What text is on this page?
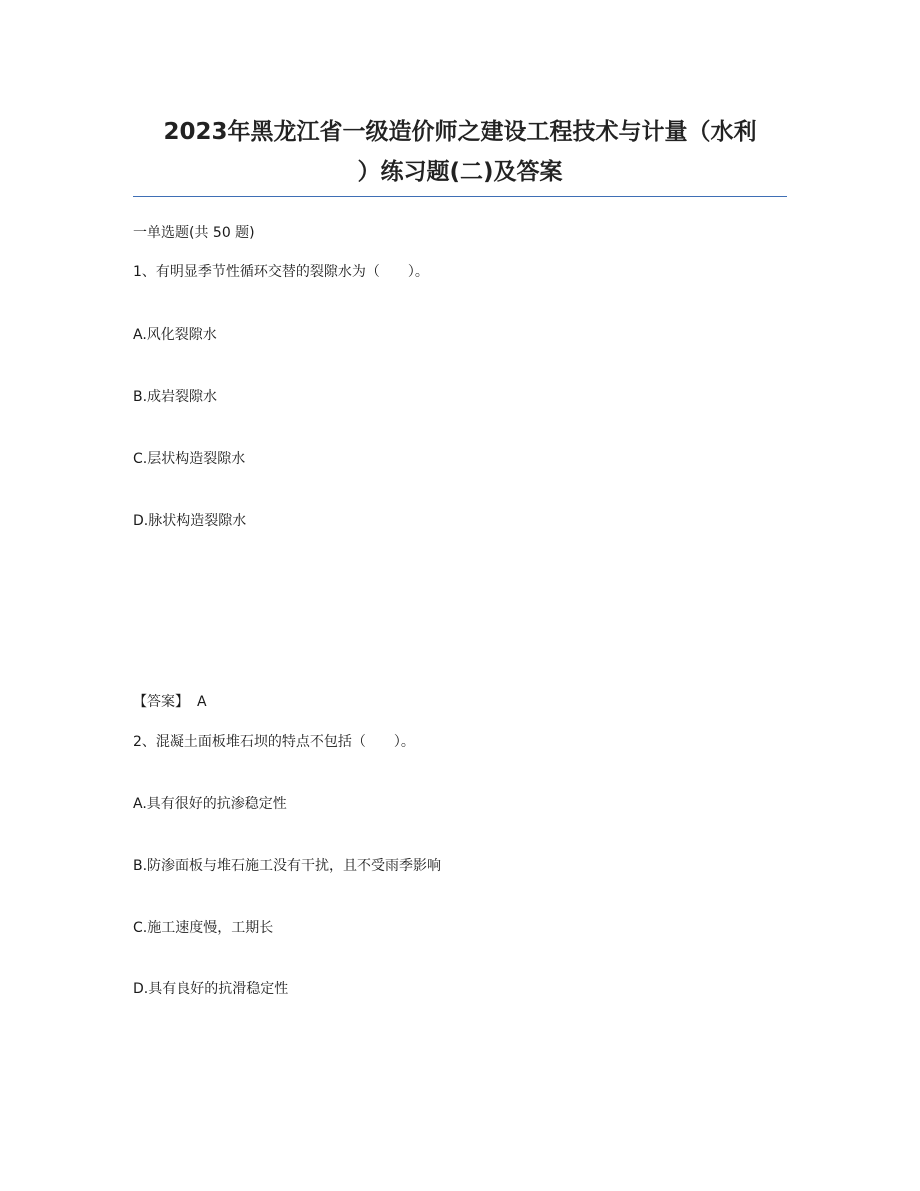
2023年黑龙江省一级造价师之建设工程技术与计量（水利
）练习题(二)及答案
一单选题(共 50 题)
1、有明显季节性循环交替的裂隙水为（　　）。
A.风化裂隙水
B.成岩裂隙水
C.层状构造裂隙水
D.脉状构造裂隙水
【答案】 A
2、混凝土面板堆石坝的特点不包括（　　）。
A.具有很好的抗渗稳定性
B.防渗面板与堆石施工没有干扰，且不受雨季影响
C.施工速度慢，工期长
D.具有良好的抗滑稳定性
